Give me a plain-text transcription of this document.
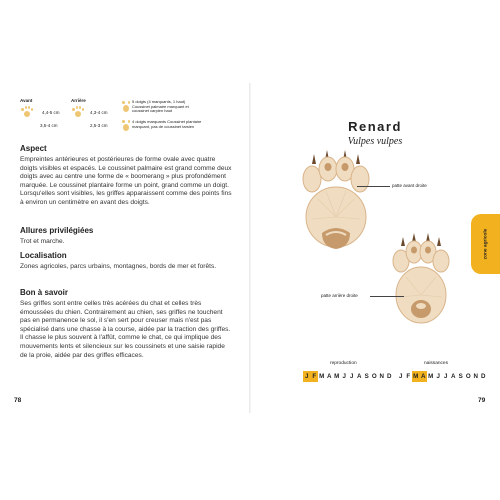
Avant	Arrière
4,4-5 cm
3,5-4 cm
4,3-4 cm
2,5-3 cm
5 doigts (4 marquants, 1 haut) Coussinet palmaire marquant et coussinet carpien haut
4 doigts marquants Coussinet plantaire marquant, pas de coussinet tarsien
Aspect

Empreintes antérieures et postérieures de forme ovale avec quatre doigts visibles et espacés. Le coussinet palmaire est grand comme deux doigts avec au centre une forme de « boomerang » plus profondément marquée. Le coussinet plantaire forme un point, grand comme un doigt. Lorsqu'elles sont visibles, les griffes apparaissent comme des points fins à environ un centimètre en avant des doigts.

Allures privilégiées

Trot et marche.

Localisation

Zones agricoles, parcs urbains, montagnes, bords de mer et forêts.

Bon à savoir

Ses griffes sont entre celles très acérées du chat et celles très émoussées du chien. Contrairement au chien, ses griffes ne touchent pas en permanence le sol, il s'en sert pour creuser mais n'est pas spécialisé dans une chasse à la course, aidée par la traction des griffes. Il chasse le plus souvent à l'affût, comme le chat, ce qui implique des mouvements lents et silencieux sur les coussinets et une saisie rapide de la proie, aidée par des griffes efficaces.

78
Renard
Vulpes vulpes
zone agricole
patte avant droite
patte arrière droite
reproduction	naissances
J F M A M J J A S O N D	J F M A M J J A S O N D
79
